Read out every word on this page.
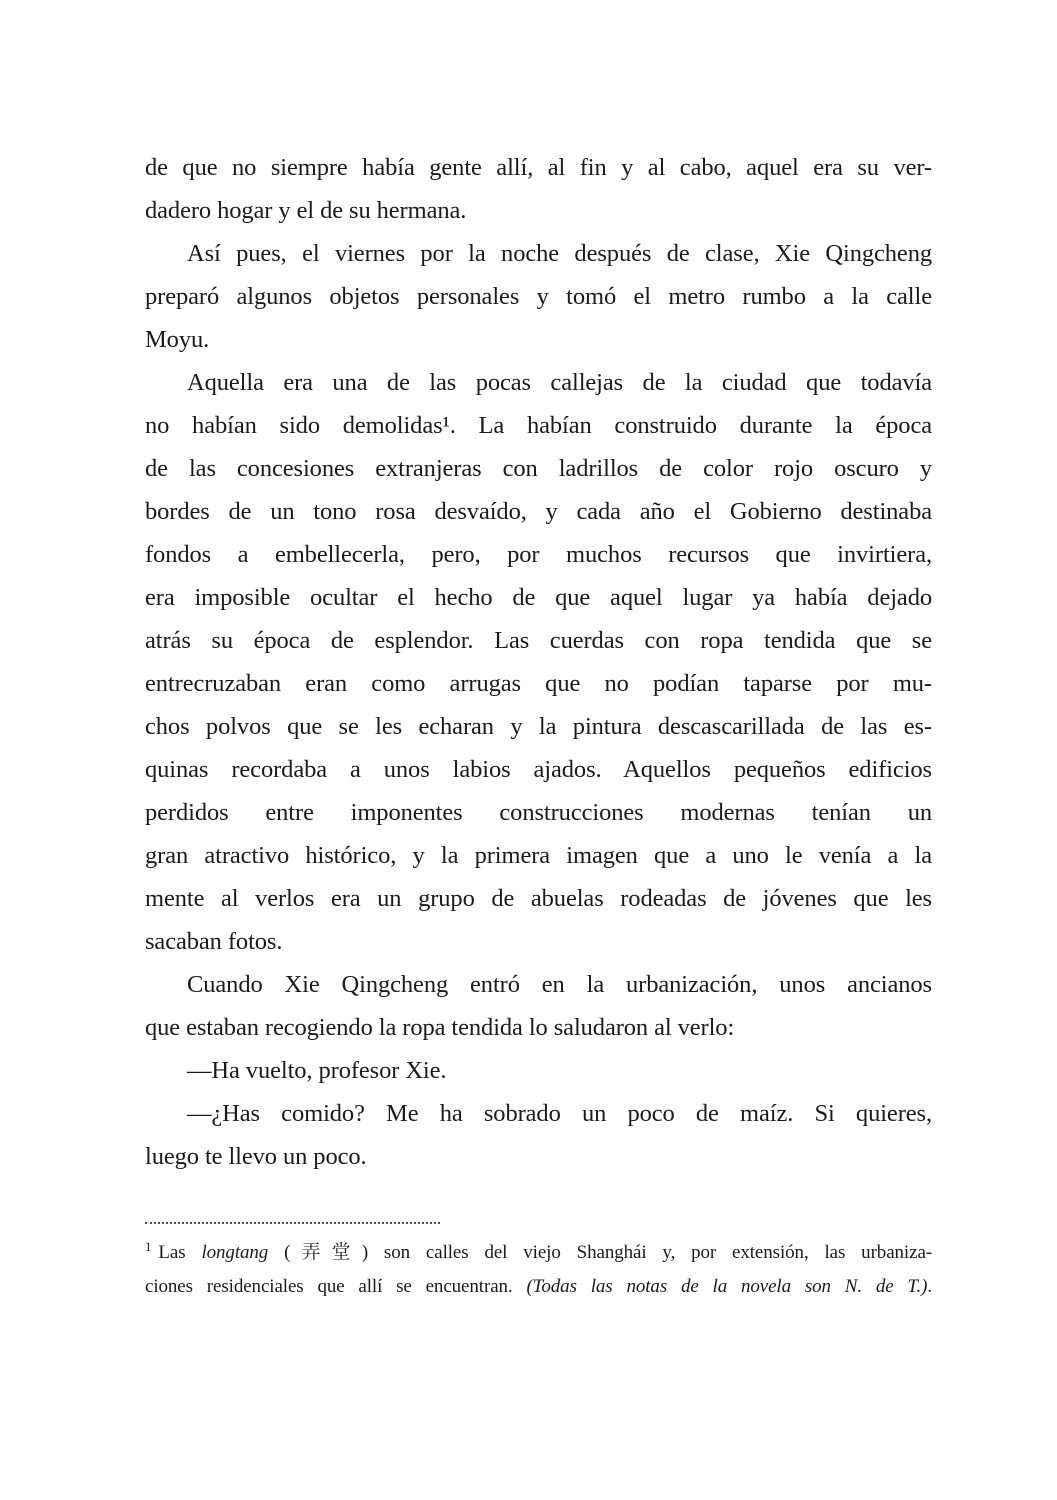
de que no siempre había gente allí, al fin y al cabo, aquel era su ver-
dadero hogar y el de su hermana.
Así pues, el viernes por la noche después de clase, Xie Qingcheng
preparó algunos objetos personales y tomó el metro rumbo a la calle
Moyu.
Aquella era una de las pocas callejas de la ciudad que todavía
no habían sido demolidas¹. La habían construido durante la época
de las concesiones extranjeras con ladrillos de color rojo oscuro y
bordes de un tono rosa desvaído, y cada año el Gobierno destinaba
fondos a embellecerla, pero, por muchos recursos que invirtiera,
era imposible ocultar el hecho de que aquel lugar ya había dejado
atrás su época de esplendor. Las cuerdas con ropa tendida que se
entrecruzaban eran como arrugas que no podían taparse por mu-
chos polvos que se les echaran y la pintura descascarillada de las es-
quinas recordaba a unos labios ajados. Aquellos pequeños edificios
perdidos entre imponentes construcciones modernas tenían un
gran atractivo histórico, y la primera imagen que a uno le venía a la
mente al verlos era un grupo de abuelas rodeadas de jóvenes que les
sacaban fotos.
Cuando Xie Qingcheng entró en la urbanización, unos ancianos
que estaban recogiendo la ropa tendida lo saludaron al verlo:
—Ha vuelto, profesor Xie.
—¿Has comido? Me ha sobrado un poco de maíz. Si quieres,
luego te llevo un poco.
$^1$ Las longtang (弄堂) son calles del viejo Shanghái y, por extensión, las urbaniza-
ciones residenciales que allí se encuentran. (Todas las notas de la novela son N. de T.).
